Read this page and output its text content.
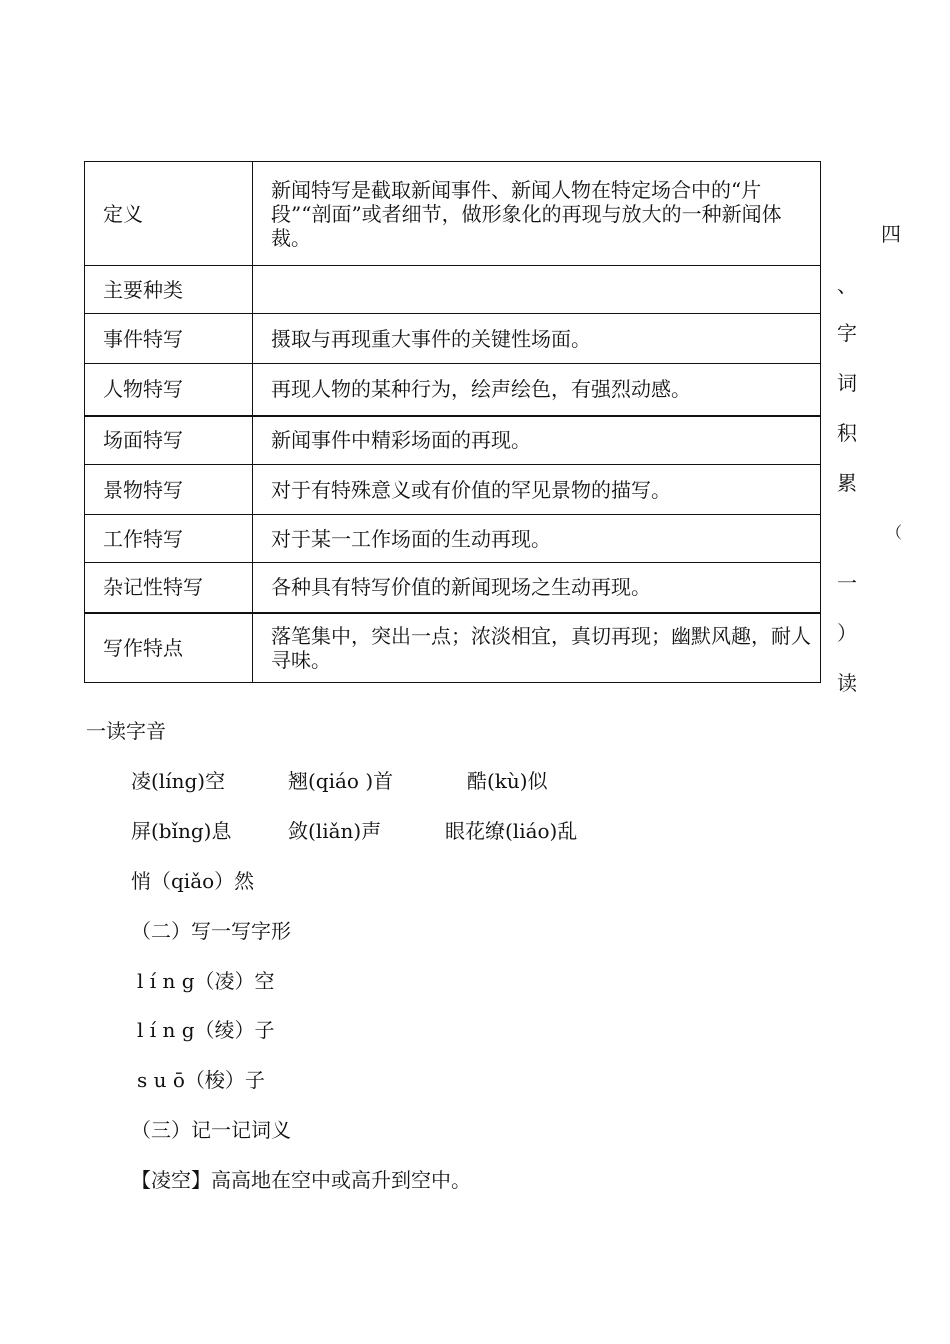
定义	新闻特写是截取新闻事件、新闻人物在特定场合中的“片段”“剖面”或者细节，做形象化的再现与放大的一种新闻体裁。

主要种类	

事件特写	摄取与再现重大事件的关键性场面。

人物特写	再现人物的某种行为，绘声绘色，有强烈动感。

场面特写	新闻事件中精彩场面的再现。

景物特写	对于有特殊意义或有价值的罕见景物的描写。

工作特写	对于某一工作场面的生动再现。

杂记性特写	各种具有特写价值的新闻现场之生动再现。

写作特点	落笔集中，突出一点；浓淡相宜，真切再现；幽默风趣，耐人寻味。
四
（
、
字
词
积
累
一
）
读
一读字音
凌(líng)空	翘(qiáo )首	酷(kù)似
屏(bǐng)息	敛(liǎn)声	眼花缭(liáo)乱
悄（qiǎo）然
（二）写一写字形
l í n g（凌）空
l í n g（绫）子
s u ō（梭）子
（三）记一记词义
【凌空】高高地在空中或高升到空中。
